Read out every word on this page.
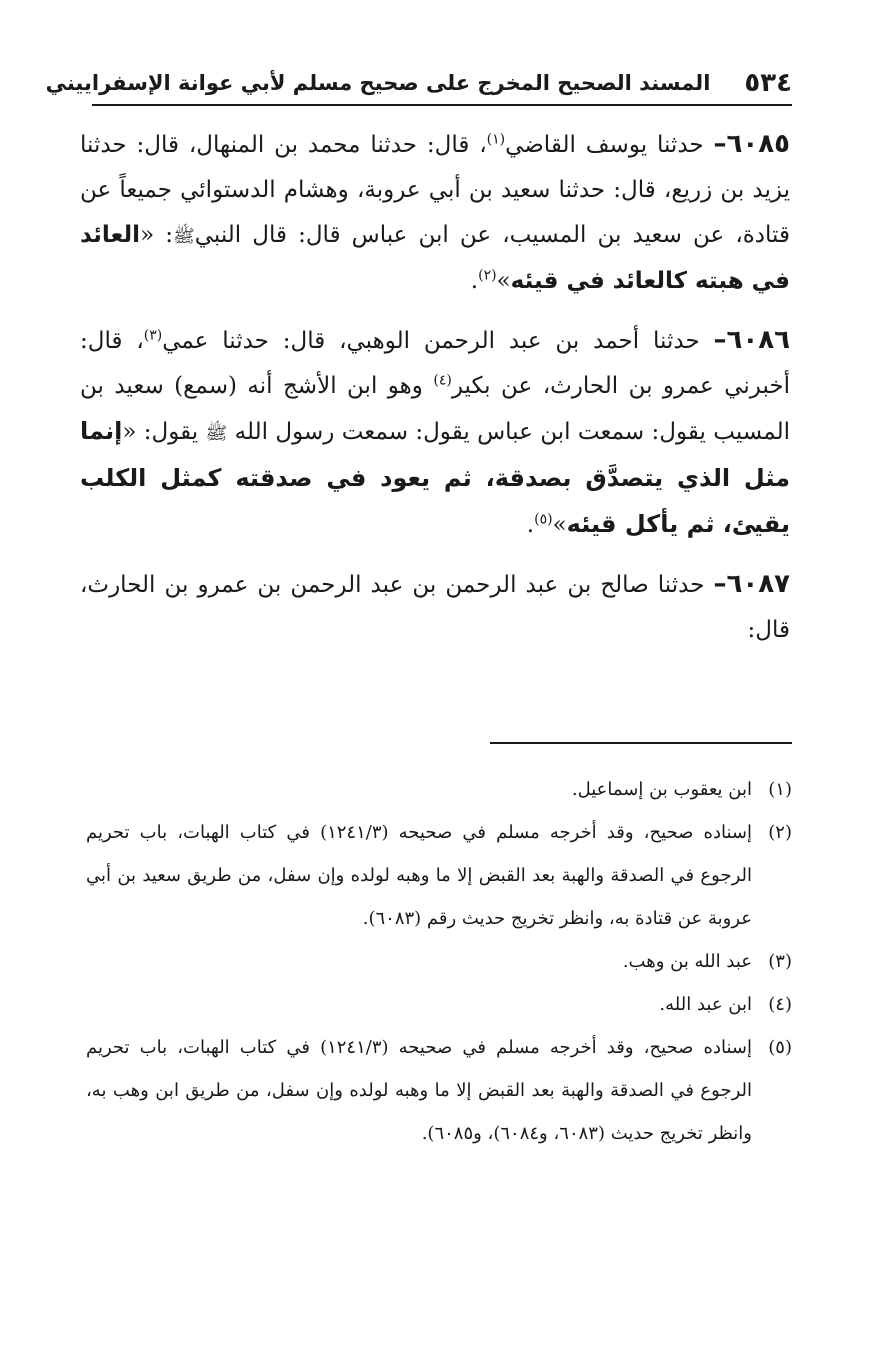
٥٣٤
المسند الصحيح المخرج على صحيح مسلم لأبي عوانة الإسفراييني

٦٠٨٥– حدثنا يوسف القاضي$^{(١)}$، قال: حدثنا محمد بن المنهال، قال: حدثنا يزيد بن زريع، قال: حدثنا سعيد بن أبي عروبة، وهشام الدستوائي جميعاً عن قتادة، عن سعيد بن المسيب، عن ابن عباس قال: قال النبيﷺ: «العائد في هبته كالعائد في قيئه»$^{(٢)}$.

٦٠٨٦– حدثنا أحمد بن عبد الرحمن الوهبي، قال: حدثنا عمي$^{(٣)}$، قال: أخبرني عمرو بن الحارث، عن بكير$^{(٤)}$ وهو ابن الأشج أنه (سمع) سعيد بن المسيب يقول: سمعت ابن عباس يقول: سمعت رسول الله ﷺ يقول: «إنما مثل الذي يتصدَّق بصدقة، ثم يعود في صدقته كمثل الكلب يقيئ، ثم يأكل قيئه»$^{(٥)}$.

٦٠٨٧– حدثنا صالح بن عبد الرحمن بن عبد الرحمن بن عمرو بن الحارث، قال:

(١)
ابن يعقوب بن إسماعيل.
(٢)
إسناده صحيح، وقد أخرجه مسلم في صحيحه (١٢٤١/٣) في كتاب الهبات، باب تحريم الرجوع في الصدقة والهبة بعد القبض إلا ما وهبه لولده وإن سفل، من طريق سعيد بن أبي عروبة عن قتادة به، وانظر تخريج حديث رقم (٦٠٨٣).
(٣)
عبد الله بن وهب.
(٤)
ابن عبد الله.
(٥)
إسناده صحيح، وقد أخرجه مسلم في صحيحه (١٢٤١/٣) في كتاب الهبات، باب تحريم الرجوع في الصدقة والهبة بعد القبض إلا ما وهبه لولده وإن سفل، من طريق ابن وهب به، وانظر تخريج حديث (٦٠٨٣، و٦٠٨٤)، و٦٠٨٥).
